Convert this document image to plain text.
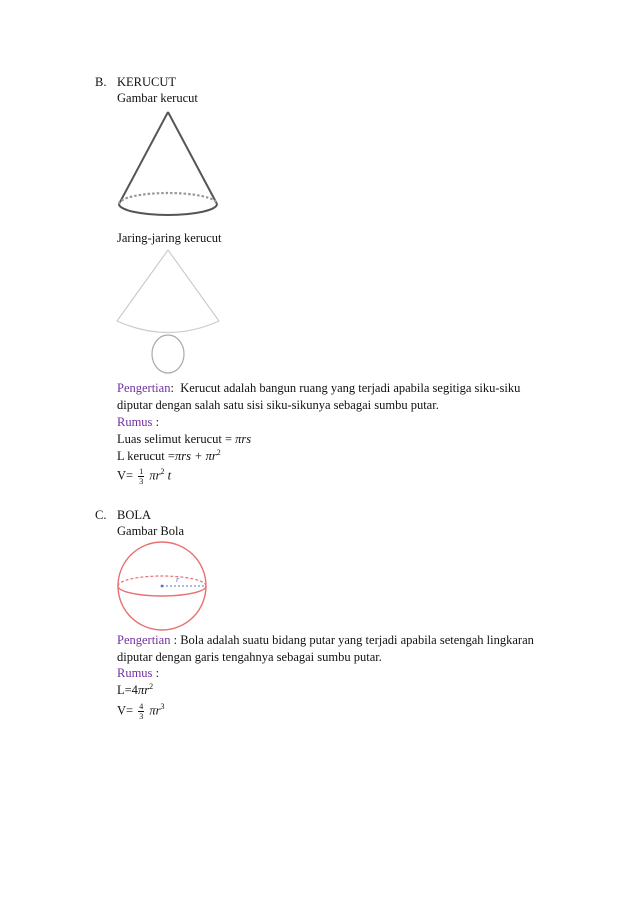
B. KERUCUT
Gambar kerucut
Jaring-jaring kerucut
Pengertian: Kerucut adalah bangun ruang yang terjadi apabila segitiga siku-siku
diputar dengan salah satu sisi siku-sikunya sebagai sumbu putar.
Rumus :
Luas selimut kerucut = πrs
L kerucut $=\pi rs + \pi r^2$
$V= \frac{1}{3} \pi r^2$ t
C. BOLA
Gambar Bola
r
Pengertian : Bola adalah suatu bidang putar yang terjadi apabila setengah lingkaran
diputar dengan garis tengahnya sebagai sumbu putar.
Rumus :
$L=4\pi r^2$
$V= \frac{4}{3} \pi r^3$
